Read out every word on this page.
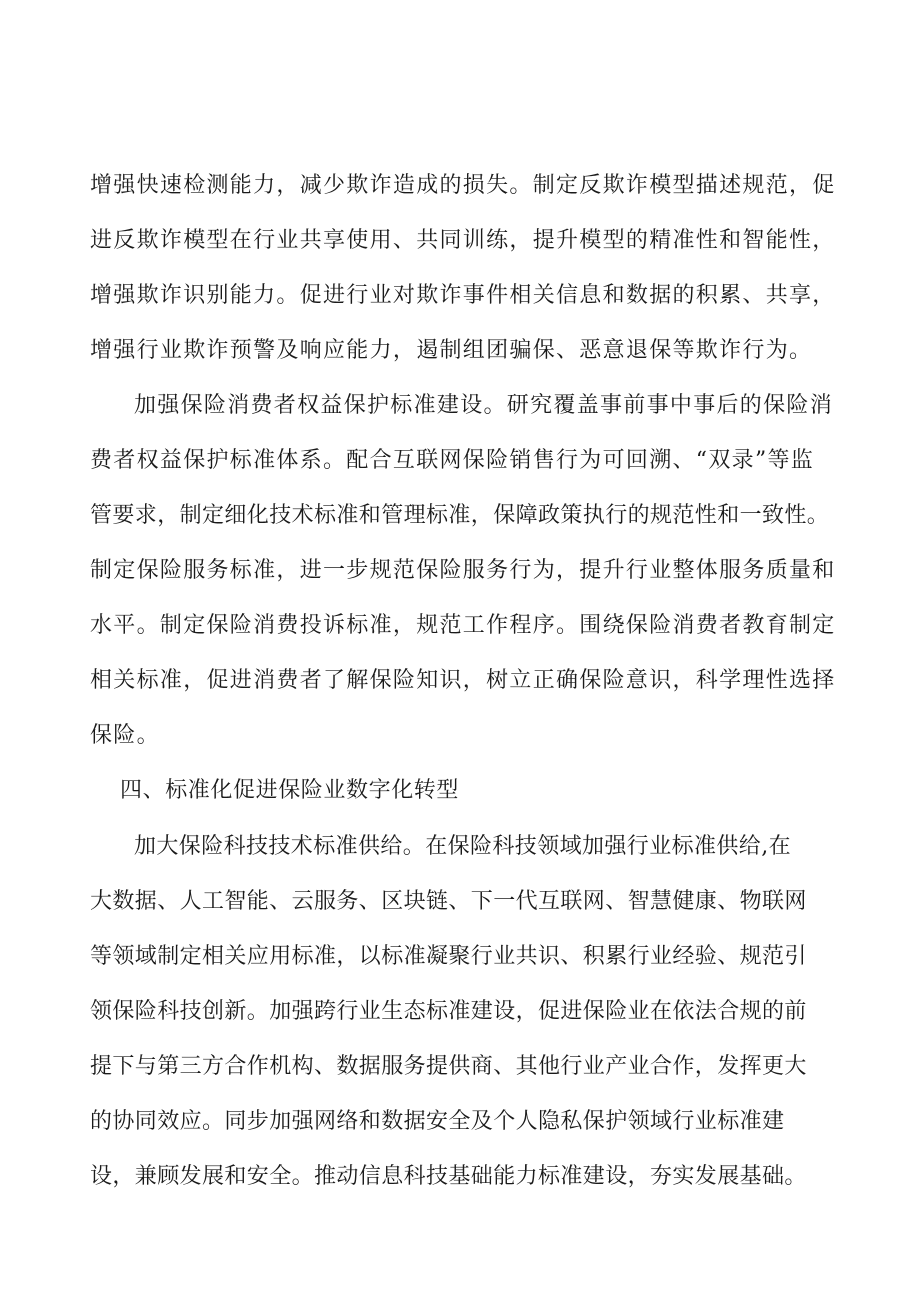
增强快速检测能力，减少欺诈造成的损失。制定反欺诈模型描述规范，促
进反欺诈模型在行业共享使用、共同训练，提升模型的精准性和智能性，
增强欺诈识别能力。促进行业对欺诈事件相关信息和数据的积累、共享，
增强行业欺诈预警及响应能力，遏制组团骗保、恶意退保等欺诈行为。
加强保险消费者权益保护标准建设。研究覆盖事前事中事后的保险消
费者权益保护标准体系。配合互联网保险销售行为可回溯、“双录”等监
管要求，制定细化技术标准和管理标准，保障政策执行的规范性和一致性。
制定保险服务标准，进一步规范保险服务行为，提升行业整体服务质量和
水平。制定保险消费投诉标准，规范工作程序。围绕保险消费者教育制定
相关标准，促进消费者了解保险知识，树立正确保险意识，科学理性选择
保险。
四、标准化促进保险业数字化转型
加大保险科技技术标准供给。在保险科技领域加强行业标准供给,在
大数据、人工智能、云服务、区块链、下一代互联网、智慧健康、物联网
等领域制定相关应用标准，以标准凝聚行业共识、积累行业经验、规范引
领保险科技创新。加强跨行业生态标准建设，促进保险业在依法合规的前
提下与第三方合作机构、数据服务提供商、其他行业产业合作，发挥更大
的协同效应。同步加强网络和数据安全及个人隐私保护领域行业标准建
设，兼顾发展和安全。推动信息科技基础能力标准建设，夯实发展基础。
